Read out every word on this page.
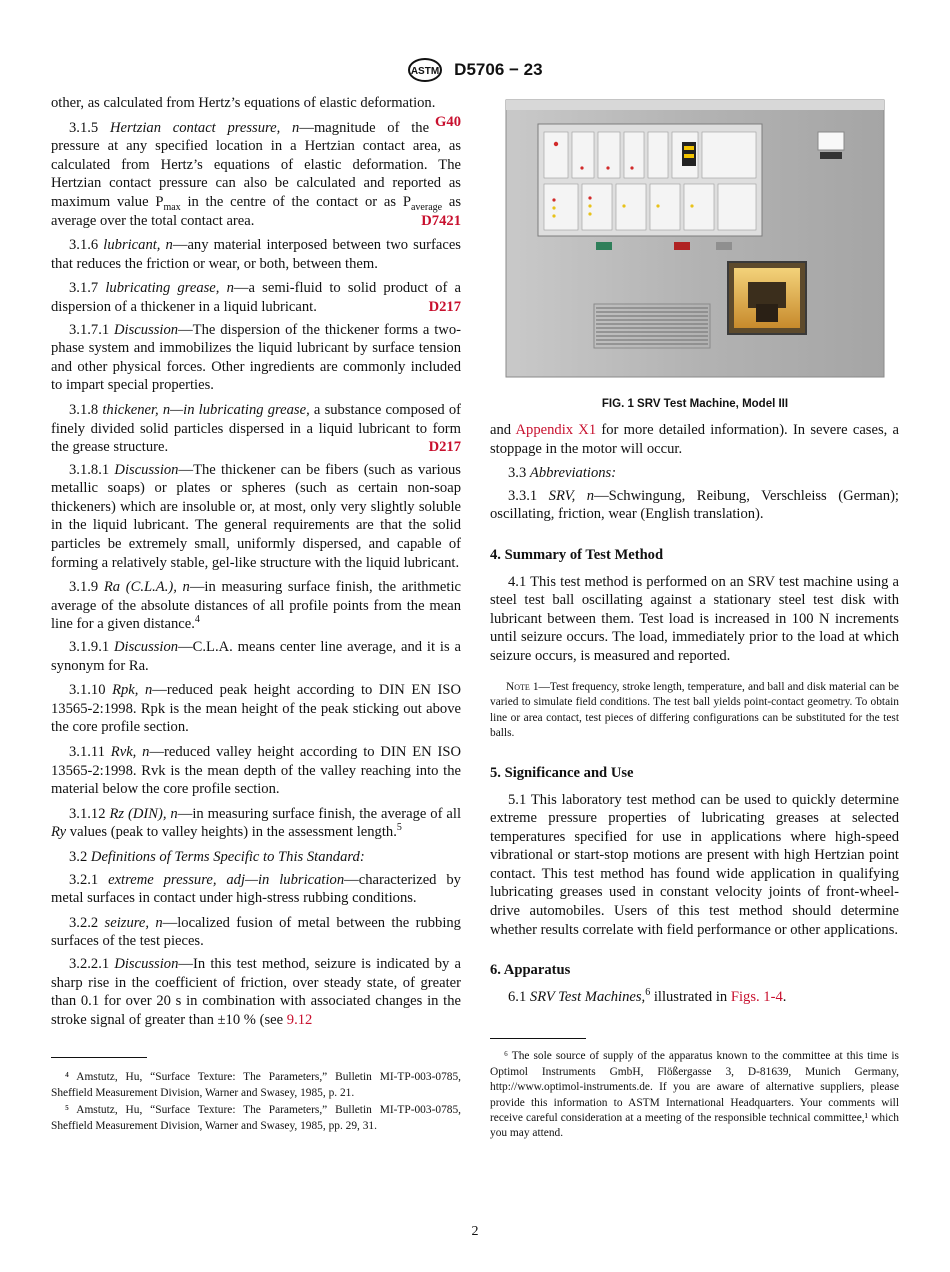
ASTM D5706 − 23

other, as calculated from Hertz’s equations of elastic deformation.
G40

3.1.5 Hertzian contact pressure, n—magnitude of the pressure at any specified location in a Hertzian contact area, as calculated from Hertz’s equations of elastic deformation. The Hertzian contact pressure can also be calculated and reported as maximum value $P_{max}$ in the centre of the contact or as $P_{average}$ as average over the total contact area.	D7421

3.1.6 lubricant, n—any material interposed between two surfaces that reduces the friction or wear, or both, between them.

3.1.7 lubricating grease, n—a semi-fluid to solid product of a dispersion of a thickener in a liquid lubricant.	D217

3.1.7.1 Discussion—The dispersion of the thickener forms a two-phase system and immobilizes the liquid lubricant by surface tension and other physical forces. Other ingredients are commonly included to impart special properties.

3.1.8 thickener, n—in lubricating grease, a substance composed of finely divided solid particles dispersed in a liquid lubricant to form the grease structure.	D217

3.1.8.1 Discussion—The thickener can be fibers (such as various metallic soaps) or plates or spheres (such as certain non-soap thickeners) which are insoluble or, at most, only very slightly soluble in the liquid lubricant. The general requirements are that the solid particles be extremely small, uniformly dispersed, and capable of forming a relatively stable, gel-like structure with the liquid lubricant.

3.1.9 Ra (C.L.A.), n—in measuring surface finish, the arithmetic average of the absolute distances of all profile points from the mean line for a given distance.$^4$

3.1.9.1 Discussion—C.L.A. means center line average, and it is a synonym for Ra.

3.1.10 Rpk, n—reduced peak height according to DIN EN ISO 13565-2:1998. Rpk is the mean height of the peak sticking out above the core profile section.

3.1.11 Rvk, n—reduced valley height according to DIN EN ISO 13565-2:1998. Rvk is the mean depth of the valley reaching into the material below the core profile section.

3.1.12 Rz (DIN), n—in measuring surface finish, the average of all Ry values (peak to valley heights) in the assessment length.$^5$

3.2 Definitions of Terms Specific to This Standard:

3.2.1 extreme pressure, adj—in lubrication—characterized by metal surfaces in contact under high-stress rubbing conditions.

3.2.2 seizure, n—localized fusion of metal between the rubbing surfaces of the test pieces.

3.2.2.1 Discussion—In this test method, seizure is indicated by a sharp rise in the coefficient of friction, over steady state, of greater than 0.1 for over 20 s in combination with associated changes in the stroke signal of greater than ±10 % (see 9.12

⁴ Amstutz, Hu, “Surface Texture: The Parameters,” Bulletin MI-TP-003-0785, Sheffield Measurement Division, Warner and Swasey, 1985, p. 21.

⁵ Amstutz, Hu, “Surface Texture: The Parameters,” Bulletin MI-TP-003-0785, Sheffield Measurement Division, Warner and Swasey, 1985, pp. 29, 31.

FIG. 1 SRV Test Machine, Model III

and Appendix X1 for more detailed information). In severe cases, a stoppage in the motor will occur.

3.3 Abbreviations:

3.3.1 SRV, n—Schwingung, Reibung, Verschleiss (German); oscillating, friction, wear (English translation).

4. Summary of Test Method

4.1 This test method is performed on an SRV test machine using a steel test ball oscillating against a stationary steel test disk with lubricant between them. Test load is increased in 100 N increments until seizure occurs. The load, immediately prior to the load at which seizure occurs, is measured and reported.

Note 1—Test frequency, stroke length, temperature, and ball and disk material can be varied to simulate field conditions. The test ball yields point-contact geometry. To obtain line or area contact, test pieces of differing configurations can be substituted for the test balls.
5. Significance and Use

5.1 This laboratory test method can be used to quickly determine extreme pressure properties of lubricating greases at selected temperatures specified for use in applications where high-speed vibrational or start-stop motions are present with high Hertzian point contact. This test method has found wide application in qualifying lubricating greases used in constant velocity joints of front-wheel-drive automobiles. Users of this test method should determine whether results correlate with field performance or other applications.

6. Apparatus

6.1 SRV Test Machines,$^6$ illustrated in Figs. 1-4.

⁶ The sole source of supply of the apparatus known to the committee at this time is Optimol Instruments GmbH, Flößergasse 3, D-81639, Munich Germany, http://www.optimol-instruments.de. If you are aware of alternative suppliers, please provide this information to ASTM International Headquarters. Your comments will receive careful consideration at a meeting of the responsible technical committee,¹ which you may attend.

2
